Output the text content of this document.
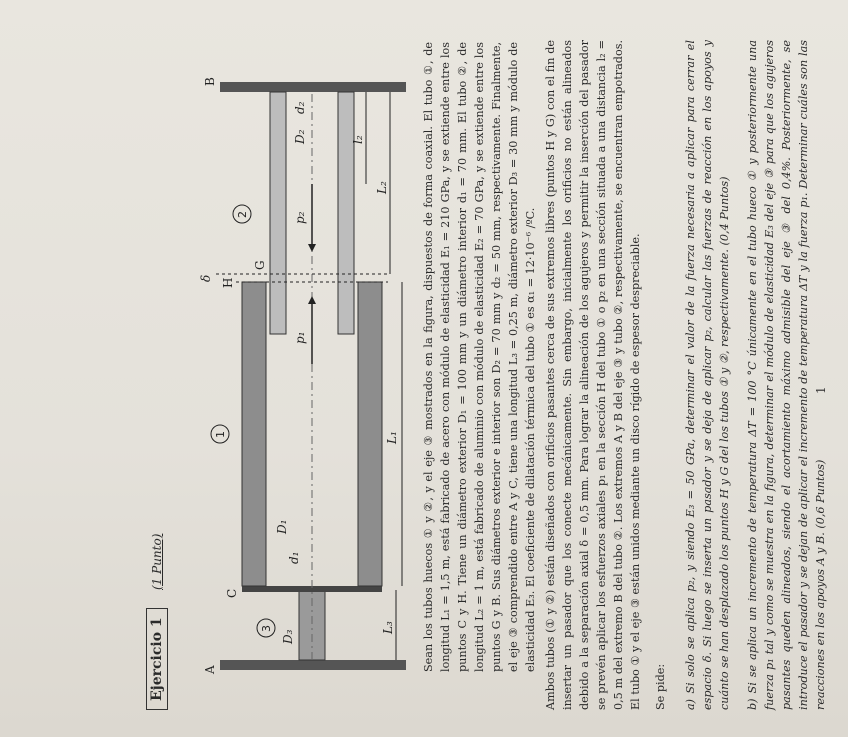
Ejercicio 1
(1 Punto)
A
B
C
H
G
L₃
L₁
L₂
l₂
D₁
d₁
D₂
d₂
D₃
p₁
p₂
δ
1
2
3	Sean los tubos huecos ① y ②, y el eje ③ mostrados en la figura, dispuestos de forma coaxial. El tubo ①, de longitud L₁ = 1,5 m, está fabricado de acero con módulo de elasticidad E₁ = 210 GPa, y se extiende entre los puntos C y H. Tiene un diámetro exterior D₁ = 100 mm y un diámetro interior d₁ = 70 mm. El tubo ②, de longitud L₂ = 1 m, está fabricado de aluminio con módulo de elasticidad E₂ = 70 GPa, y se extiende entre los puntos G y B. Sus diámetros exterior e interior son D₂ = 70 mm y d₂ = 50 mm, respectivamente. Finalmente, el eje ③ comprendido entre A y C, tiene una longitud L₃ = 0,25 m, diámetro exterior D₃ = 30 mm y módulo de elasticidad E₃. El coeficiente de dilatación térmica del tubo ① es α₁ = 12·10⁻⁶ /ºC. Ambos tubos (① y ②) están diseñados con orificios pasantes cerca de sus extremos libres (puntos H y G) con el fin de insertar un pasador que los conecte mecánicamente. Sin embargo, inicialmente los orificios no están alineados debido a la separación axial δ = 0,5 mm. Para lograr la alineación de los agujeros y permitir la inserción del pasador se prevén aplicar los esfuerzos axiales p₁ en la sección H del tubo ① o p₂ en una sección situada a una distancia l₂ = 0,5 m del extremo B del tubo ②. Los extremos A y B del eje ③ y tubo ②, respectivamente, se encuentran empotrados. El tubo ① y el eje ③ están unidos mediante un disco rígido de espesor despreciable. Se pide: a) Si solo se aplica p₂, y siendo E₃ = 50 GPa, determinar el valor de la fuerza necesaria a aplicar para cerrar el espacio δ. Si luego se inserta un pasador y se deja de aplicar p₂, calcular las fuerzas de reacción en los apoyos y cuánto se han desplazado los puntos H y G del los tubos ① y ②, respectivamente. (0,4 Puntos) b) Si se aplica un incremento de temperatura ΔT = 100 °C únicamente en el tubo hueco ① y posteriormente una fuerza p₁ tal y como se muestra en la figura, determinar el módulo de elasticidad E₃ del eje ③ para que los agujeros pasantes queden alineados, siendo el acortamiento máximo admisible del eje ③ del 0,4%. Posteriormente, se introduce el pasador y se dejan de aplicar el incremento de temperatura ΔT y la fuerza p₁. Determinar cuáles son las reacciones en los apoyos A y B. (0,6 Puntos)
1
